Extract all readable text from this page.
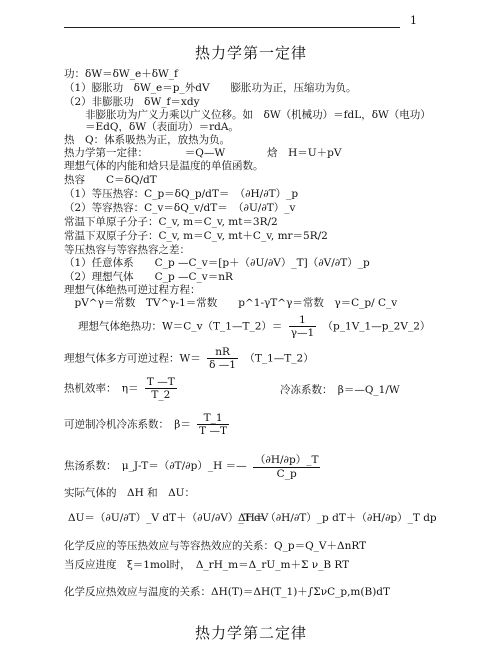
1
热力学第一定律
功：δW＝δW_e＋δW_f
（1）膨胀功　δW_e＝p_外dV　　膨胀功为正，压缩功为负。
（2）非膨胀功　δW_f＝xdy
　　非膨胀功为广义力乘以广义位移。如　δW（机械功）＝fdL，δW（电功）
　　＝EdQ，δW（表面功）＝rdA。
热　Q：体系吸热为正，放热为负。
热力学第一定律：　　　　＝Q—W　　　　焓　H＝U＋pV
理想气体的内能和焓只是温度的单值函数。
热容　　C＝δQ/dT
（1）等压热容：C_p＝δQ_p/dT＝　（∂H/∂T）_p
（2）等容热容：C_v＝δQ_v/dT＝　（∂U/∂T）_v
常温下单原子分子：C_v, m＝C_v, mt＝3R/2
常温下双原子分子：C_v, m＝C_v, mt＋C_v, mr＝5R/2
等压热容与等容热容之差：
（1）任意体系　　C_p —C_v＝[p＋（∂U/∂V）_T]（∂V/∂T）_p
（2）理想气体　　C_p —C_v＝nR
理想气体绝热可逆过程方程：
　pV^γ＝常数　TV^γ-1＝常数　　p^1-γT^γ＝常数　γ＝C_p/ C_v
理想气体绝热功：W＝C_v（T_1—T_2）＝ $\frac{1}{\gamma—1}$ （p_1V_1—p_2V_2）
理想气体多方可逆过程：$W= \frac{nR}{\delta —1}$ （T_1—T_2）
热机效率：　$\eta= \frac{T —T}{T\_2}$	冷冻系数：　β＝—Q_1/W
可逆制冷机冷冻系数：　$\beta= \frac{T\_1}{T —T}$
焦汤系数：　μ_J-T＝（∂T/∂p）_H ＝— $\frac{(\partial H/\partial p)\_T}{C\_p}$
实际气体的　ΔH 和　ΔU：
ΔU＝（∂U/∂T）_V dT＋（∂U/∂V）_T dV
ΔH＝（∂H/∂T）_p dT＋（∂H/∂p）_T dp
化学反应的等压热效应与等容热效应的关系：Q_p＝Q_V＋ΔnRT
当反应进度　ξ＝1mol时，　Δ_rH_m＝Δ_rU_m＋Σ ν_B RT
化学反应热效应与温度的关系：ΔH(T)＝ΔH(T_1)＋∫ΣνC_p,m(B)dT
热力学第二定律
